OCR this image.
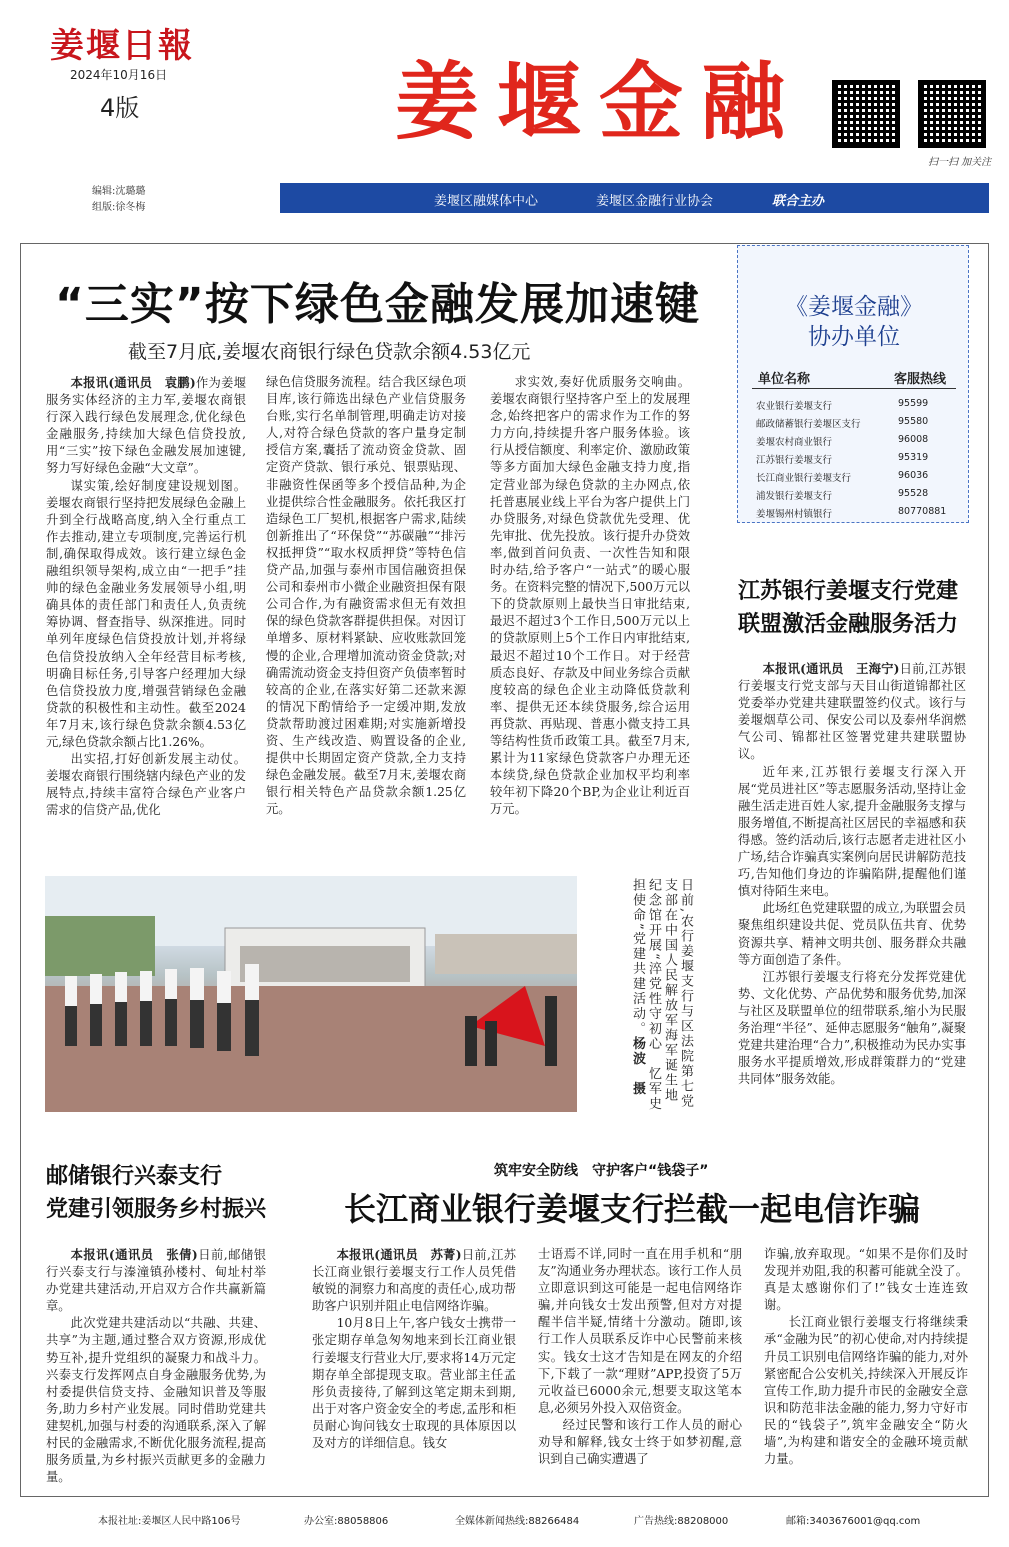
姜堰日報
2024年10月16日
4版	姜堰金融
扫一扫 加关注
编辑:沈璐璐
组版:徐冬梅	姜堰区融媒体中心	姜堰区金融行业协会	联合主办
“三实”按下绿色金融发展加速键
截至7月底,姜堰农商银行绿色贷款余额4.53亿元

本报讯(通讯员　袁鹏)作为姜堰服务实体经济的主力军,姜堰农商银行深入践行绿色发展理念,优化绿色金融服务,持续加大绿色信贷投放,用“三实”按下绿色金融发展加速键,努力写好绿色金融“大文章”。

谋实策,绘好制度建设规划图。姜堰农商银行坚持把发展绿色金融上升到全行战略高度,纳入全行重点工作去推动,建立专项制度,完善运行机制,确保取得成效。该行建立绿色金融组织领导架构,成立由“一把手”挂帅的绿色金融业务发展领导小组,明确具体的责任部门和责任人,负责统筹协调、督查指导、纵深推进。同时单列年度绿色信贷投放计划,并将绿色信贷投放纳入全年经营目标考核,明确目标任务,引导客户经理加大绿色信贷投放力度,增强营销绿色金融贷款的积极性和主动性。截至2024年7月末,该行绿色贷款余额4.53亿元,绿色贷款余额占比1.26%。

出实招,打好创新发展主动仗。姜堰农商银行围绕辖内绿色产业的发展特点,持续丰富符合绿色产业客户需求的信贷产品,优化

绿色信贷服务流程。结合我区绿色项目库,该行筛选出绿色产业信贷服务台账,实行名单制管理,明确走访对接人,对符合绿色贷款的客户量身定制授信方案,囊括了流动资金贷款、固定资产贷款、银行承兑、银票贴现、非融资性保函等多个授信品种,为企业提供综合性金融服务。依托我区打造绿色工厂契机,根据客户需求,陆续创新推出了“环保贷”“苏碳融”“排污权抵押贷”“取水权质押贷”等特色信贷产品,加强与泰州市国信融资担保公司和泰州市小微企业融资担保有限公司合作,为有融资需求但无有效担保的绿色贷款客群提供担保。对因订单增多、原材料紧缺、应收账款回笼慢的企业,合理增加流动资金贷款;对确需流动资金支持但资产负债率暂时较高的企业,在落实好第二还款来源的情况下酌情给予一定缓冲期,发放贷款帮助渡过困难期;对实施新增投资、生产线改造、购置设备的企业,提供中长期固定资产贷款,全力支持绿色金融发展。截至7月末,姜堰农商银行相关特色产品贷款余额1.25亿元。

求实效,奏好优质服务交响曲。姜堰农商银行坚持客户至上的发展理念,始终把客户的需求作为工作的努力方向,持续提升客户服务体验。该行从授信额度、利率定价、激励政策等多方面加大绿色金融支持力度,指定营业部为绿色贷款的主办网点,依托普惠展业线上平台为客户提供上门办贷服务,对绿色贷款优先受理、优先审批、优先投放。该行提升办贷效率,做到首问负责、一次性告知和限时办结,给予客户“一站式”的暖心服务。在资料完整的情况下,500万元以下的贷款原则上最快当日审批结束,最迟不超过3个工作日,500万元以上的贷款原则上5个工作日内审批结束,最迟不超过10个工作日。对于经营质态良好、存款及中间业务综合贡献度较高的绿色企业主动降低贷款利率、提供无还本续贷服务,综合运用再贷款、再贴现、普惠小微支持工具等结构性货币政策工具。截至7月末,累计为11家绿色贷款客户办理无还本续贷,绿色贷款企业加权平均利率较年初下降20个BP,为企业让利近百万元。

《姜堰金融》
协办单位
单位名称	客服热线
农业银行姜堰支行	95599
邮政储蓄银行姜堰区支行	95580
姜堰农村商业银行	96008
江苏银行姜堰支行	95319
长江商业银行姜堰支行	96036
浦发银行姜堰支行	95528
姜堰锡州村镇银行	80770881
江苏银行姜堰支行党建
联盟激活金融服务活力

本报讯(通讯员　王海宁)日前,江苏银行姜堰支行党支部与天目山街道锦都社区党委举办党建共建联盟签约仪式。该行与姜堰烟草公司、保安公司以及泰州华润燃气公司、锦都社区签署党建共建联盟协议。

近年来,江苏银行姜堰支行深入开展“党员进社区”等志愿服务活动,坚持让金融生活走进百姓人家,提升金融服务支撑与服务增值,不断提高社区居民的幸福感和获得感。签约活动后,该行志愿者走进社区小广场,结合诈骗真实案例向居民讲解防范技巧,告知他们身边的诈骗陷阱,提醒他们谨慎对待陌生来电。

此场红色党建联盟的成立,为联盟会员聚焦组织建设共促、党员队伍共育、优势资源共享、精神文明共创、服务群众共融等方面创造了条件。

江苏银行姜堰支行将充分发挥党建优势、文化优势、产品优势和服务优势,加深与社区及联盟单位的纽带联系,缩小为民服务治理“半径”、延伸志愿服务“触角”,凝聚党建共建治理“合力”,积极推动为民办实事服务水平提质增效,形成群策群力的“党建共同体”服务效能。

日前,农行姜堰支行与区法院第七党支部在中国人民解放军海军诞生地纪念馆开展“淬党性守初心　忆军史担使命”党建共建活动。杨波　摄
邮储银行兴泰支行
党建引领服务乡村振兴

本报讯(通讯员　张倩)日前,邮储银行兴泰支行与溱潼镇孙楼村、甸址村举办党建共建活动,开启双方合作共赢新篇章。

此次党建共建活动以“共融、共建、共享”为主题,通过整合双方资源,形成优势互补,提升党组织的凝聚力和战斗力。兴泰支行发挥网点自身金融服务优势,为村委提供信贷支持、金融知识普及等服务,助力乡村产业发展。同时借助党建共建契机,加强与村委的沟通联系,深入了解村民的金融需求,不断优化服务流程,提高服务质量,为乡村振兴贡献更多的金融力量。

筑牢安全防线　守护客户“钱袋子”
长江商业银行姜堰支行拦截一起电信诈骗

本报讯(通讯员　苏菁)日前,江苏长江商业银行姜堰支行工作人员凭借敏锐的洞察力和高度的责任心,成功帮助客户识别并阻止电信网络诈骗。

10月8日上午,客户钱女士携带一张定期存单急匆匆地来到长江商业银行姜堰支行营业大厅,要求将14万元定期存单全部提现支取。营业部主任孟彤负责接待,了解到这笔定期未到期,出于对客户资金安全的考虑,孟彤和柜员耐心询问钱女士取现的具体原因以及对方的详细信息。钱女

士语焉不详,同时一直在用手机和“朋友”沟通业务办理状态。该行工作人员立即意识到这可能是一起电信网络诈骗,并向钱女士发出预警,但对方对提醒半信半疑,情绪十分激动。随即,该行工作人员联系反诈中心民警前来核实。钱女士这才告知是在网友的介绍下,下载了一款“理财”APP,投资了5万元收益已6000余元,想要支取这笔本息,必须另外投入双倍资金。

经过民警和该行工作人员的耐心劝导和解释,钱女士终于如梦初醒,意识到自己确实遭遇了

诈骗,放弃取现。“如果不是你们及时发现并劝阻,我的积蓄可能就全没了。真是太感谢你们了!”钱女士连连致谢。

长江商业银行姜堰支行将继续秉承“金融为民”的初心使命,对内持续提升员工识别电信网络诈骗的能力,对外紧密配合公安机关,持续深入开展反诈宣传工作,助力提升市民的金融安全意识和防范非法金融的能力,努力守好市民的“钱袋子”,筑牢金融安全“防火墙”,为构建和谐安全的金融环境贡献力量。

本报社址:姜堰区人民中路106号	办公室:88058806	全媒体新闻热线:88266484	广告热线:88208000	邮箱:3403676001@qq.com
